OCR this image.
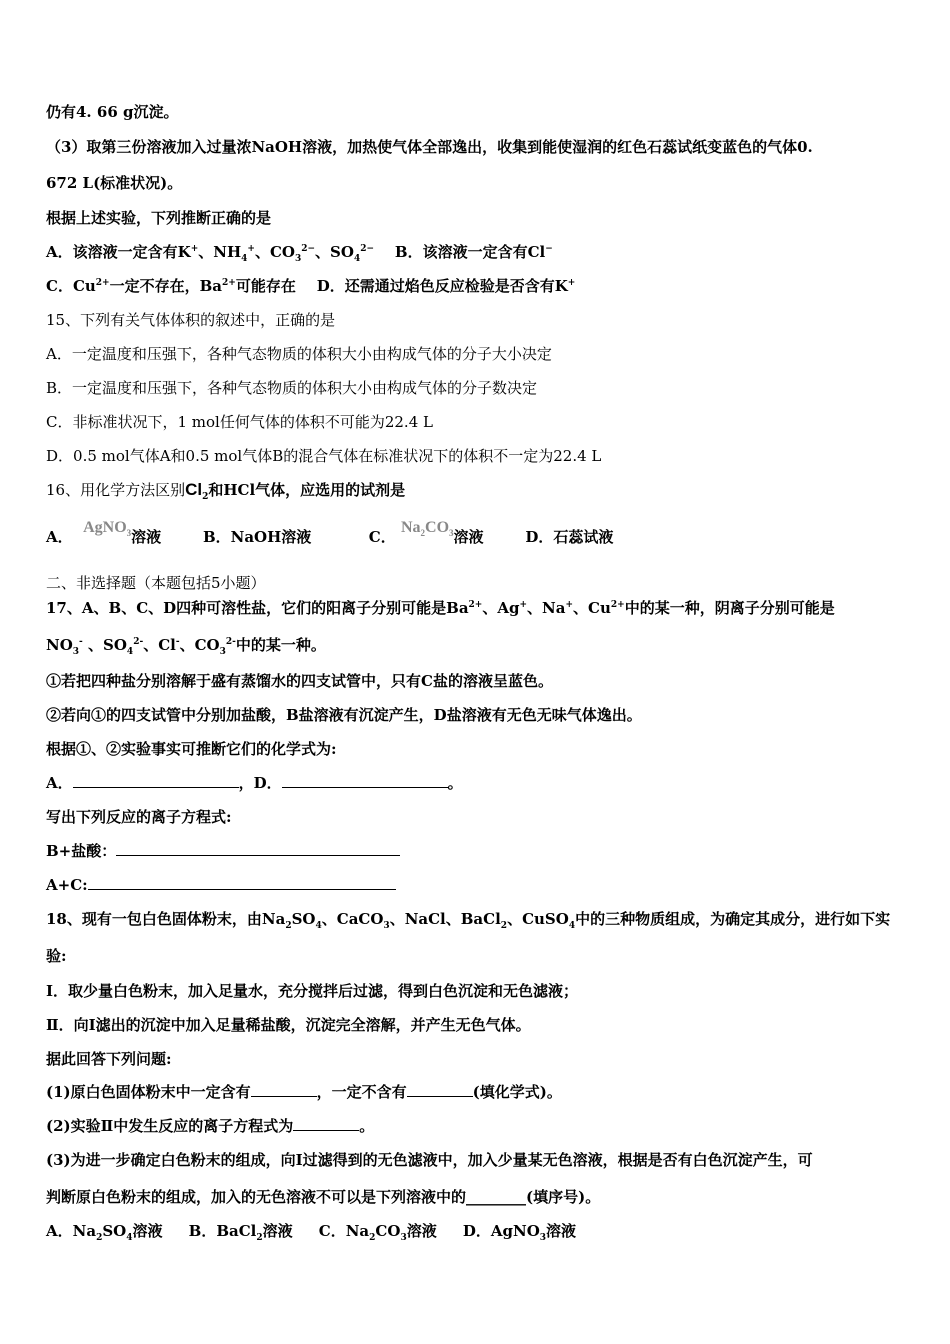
仍有4. 66 g沉淀。
（3）取第三份溶液加入过量浓NaOH溶液，加热使气体全部逸出，收集到能使湿润的红色石蕊试纸变蓝色的气体0.
672 L(标准状况)。
根据上述实验，下列推断正确的是
A．该溶液一定含有K+、$NH_4^+$、$CO_3^{2-}$、$SO_4^{2-}$ B．该溶液一定含有Cl−
C．$Cu^{2+}$一定不存在，$Ba^{2+}$可能存在 D．还需通过焰色反应检验是否含有K+
15、下列有关气体体积的叙述中，正确的是
A．一定温度和压强下，各种气态物质的体积大小由构成气体的分子大小决定
B．一定温度和压强下，各种气态物质的体积大小由构成气体的分子数决定
C．非标准状况下，1 mol任何气体的体积不可能为22.4 L
D．0.5 mol气体A和0.5 mol气体B的混合气体在标准状况下的体积不一定为22.4 L
16、用化学方法区别$Cl_2$和HCl气体，应选用的试剂是
A．  AgNO$_3$溶液	B．NaOH溶液	C． $Na_2CO_3$溶液	D．石蕊试液
二、非选择题（本题包括5小题）
17、A、B、C、D四种可溶性盐，它们的阳离子分别可能是$Ba^{2+}$、Ag+、Na+、$Cu^{2+}$中的某一种，阴离子分别可能是
$NO_3^-$ 、$SO_4^{2-}$、Cl-、$CO_3^{2-}$中的某一种。
①若把四种盐分别溶解于盛有蒸馏水的四支试管中，只有C盐的溶液呈蓝色。
②若向①的四支试管中分别加盐酸，B盐溶液有沉淀产生，D盐溶液有无色无味气体逸出。
根据①、②实验事实可推断它们的化学式为:
A．	，D．	。
写出下列反应的离子方程式:
B+盐酸：
A+C:
18、现有一包白色固体粉末，由$Na_2SO_4$、CaCO$_3$、NaCl、BaCl$_2$、CuSO$_4$中的三种物质组成，为确定其成分，进行如下实
验:
Ⅰ．取少量白色粉末，加入足量水，充分搅拌后过滤，得到白色沉淀和无色滤液；
Ⅱ．向Ⅰ滤出的沉淀中加入足量稀盐酸，沉淀完全溶解，并产生无色气体。
据此回答下列问题:
(1)原白色固体粉末中一定含有	，一定不含有	(填化学式)。
(2)实验Ⅱ中发生反应的离子方程式为	。
(3)为进一步确定白色粉末的组成，向Ⅰ过滤得到的无色滤液中，加入少量某无色溶液，根据是否有白色沉淀产生，可
判断原白色粉末的组成，加入的无色溶液不可以是下列溶液中的________(填序号)。
A．$Na_2SO_4$溶液 B．BaCl$_2$溶液 C．$Na_2CO_3$溶液 D．AgNO$_3$溶液
